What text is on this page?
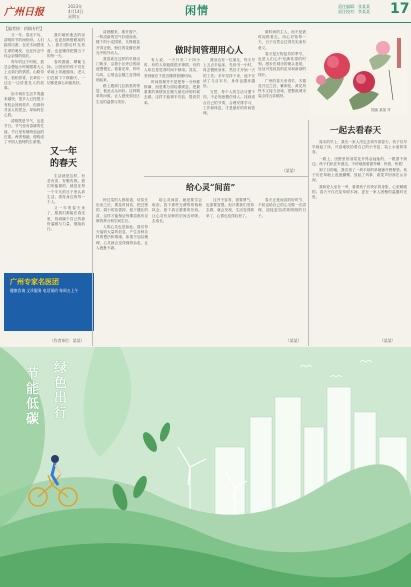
广州日报
2023年
4月14日
星期五	闲情	责任编辑：张某某
责任校对：李某某 17
【编者按：约稿专栏】

又一年，春光不负，清明时节的雨纷纷。人们踏青出游，在花木间感受生命的萌发，也在怀念中体会亲情的绵长。

每年的这个时候，我总会想起小时候跟着大人上山祭扫的情景。山路弯弯，松柏青青，长辈们一边走一边讲着先人的故事。

如今城市生活节奏越来越快，很多人已经很少有机会回到故乡，但那份对亲人的思念，却始终在心底。

清明既是节气，也是节日。节气里有春耕的忙碌，节日里有慎终追远的庄重。两者相融，便构成了中国人独特的生命观。

我们缅怀逝去的亲人，也更加珍惜眼前的人；我们感叹时光易逝，也更懂得把握当下的每一天。

春风拂面，柳絮飞扬。公园里的孩子们在草地上奔跑嬉戏，老人们在树下下棋聊天，一切都是那么和谐美好。

又一年的春天

生活就是这样，有悲有喜，有聚有散。我们所能做的，就是在每一个平凡的日子里认真生活，善待身边的每一个人。

又一年的春天来了，愿我们都能在春光里，找到属于自己的那份温暖与力量，继续前行。

（作者单位：某某）
广州专家名医团
健康咨询 义诊服务 电话预约 每周五上午

清晨醒来，推开窗户，一阵清新的空气扑面而来。楼下的小花园里，几株桃花开得正艳，粉红的花瓣在晨光中格外动人。

我喜欢在这样的早晨出门散步，沿着小区旁边的绿道慢慢走，看看花草，听听鸟鸣，心情也会随之变得明朗起来。

路上遇到几位熟悉的邻居，彼此点头问好。这种简单的问候，让人感受到社区生活的温情与美好。

做时间管理用心人

有人说，一天只有二十四小时，有的人却能做很多事情，有的人却总是觉得时间不够用。其实，差别就在于是否懂得管理时间。

时间管理并不是把每一分钟都排满，而是要分清轻重缓急，把最重要的事情放在精力最充沛的时候去做。这样才能事半功倍，提高效率。

我身边有一位朋友，每天早上五点半起床，先读书一小时，再去锻炼身体，然后才开始一天的工作。多年坚持下来，他不仅读了几百本书，身体也越来越好。

当然，每个人的生活习惯不同，不必刻意模仿别人。找到适合自己的节奏，合理安排学习、工作和休息，才是最好的时间管理。

做时间的主人，而不是被时间推着走。用心对待每一天，日子自然会过得充实而有意义。

春天是万物复苏的季节，也是人们心中充满希望的时刻。漫步在城市的街头巷尾，处处可见绽放的花朵和新绿的枝叶。

广州的春天来得早，木棉花开过之后，紫荆花、黄花风铃木又接力登场，把整座城市装点得五彩缤纷。

（某某）
国画 某某 作
给心灵“间苗”

种过菜的人都知道，幼苗长出来之后，要及时间苗，把过密的、弱小的苗拔掉，留下健壮的苗，这样才能保证每棵苗都有足够的养分和空间生长。

人的心灵也是如此。我们每天接收大量的信息，产生各种各样的想法和情绪，如果不加以梳理，心灵就会变得拥挤杂乱，让人疲惫不堪。

给心灵间苗，就是要学会取舍。放下那些无谓的烦恼和执念，留下真正重要的东西，让心灵有足够的空间去呼吸、去成长。

这并不容易，需要勇气，也需要智慧。但只要我们坚持去做，就会发现，生活变得简单了，心情也变得轻松了。

春天正是间苗的好时节，不妨也给自己的心灵做一次清理，迎接更加清爽明朗的日子。

（某某）
一起去看春天

周末的早上，我们一家人决定去郊外看春天。孩子们早早就起了床，兴奋地收拾着自己的小书包，装上水壶和零食。

一路上，田野里的油菜花开得金灿灿的，一眼望不到边。孩子们趴在车窗边，不停地指着窗外喊：快看，快看！

到了目的地，我们找了一块平坦的草地铺开野餐垫。孩子们在草地上追逐蝴蝶，放起了风筝，欢笑声回荡在山谷间。

我和爱人坐在一旁，看着孩子们快乐的身影，心里暖暖的。春天不仅在花草树木间，更在一家人团聚的温馨时光里。

（某某）
节能低碳
绿色出行
